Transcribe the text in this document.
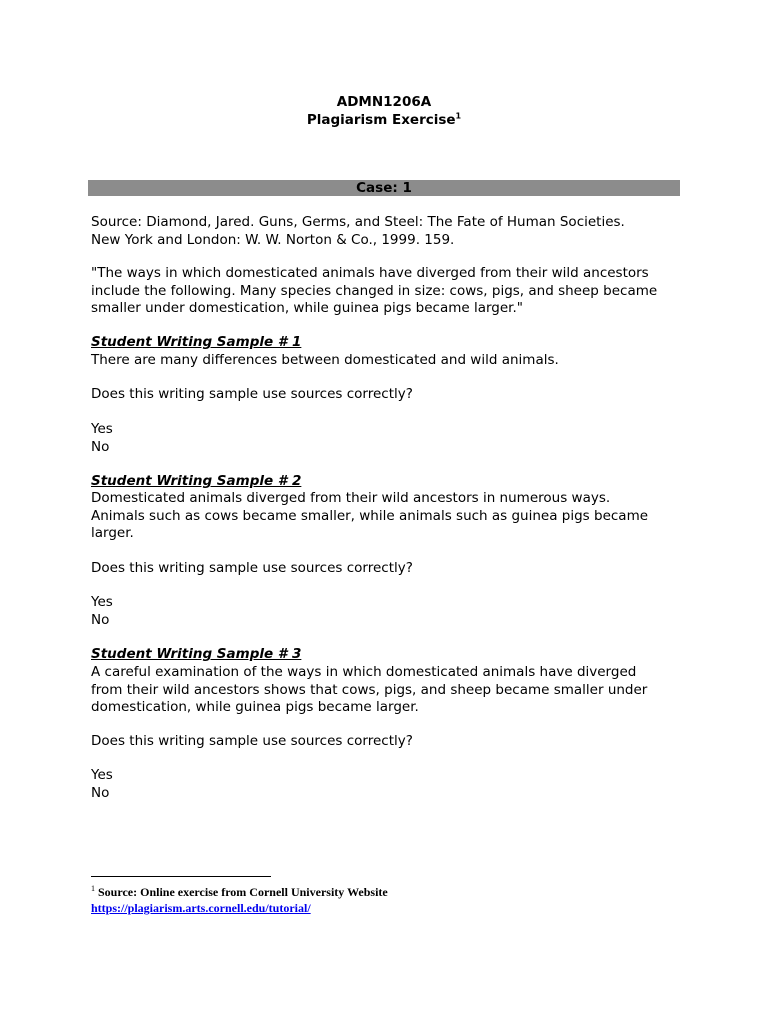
ADMN1206A
Plagiarism Exercise$^1$
Case: 1
Source: Diamond, Jared. Guns, Germs, and Steel: The Fate of Human Societies.
New York and London: W. W. Norton & Co., 1999. 159.
"The ways in which domesticated animals have diverged from their wild ancestors
include the following. Many species changed in size: cows, pigs, and sheep became
smaller under domestication, while guinea pigs became larger."
Student Writing Sample # 1
There are many differences between domesticated and wild animals.
Does this writing sample use sources correctly?
Yes
No
Student Writing Sample # 2
Domesticated animals diverged from their wild ancestors in numerous ways.
Animals such as cows became smaller, while animals such as guinea pigs became
larger.
Does this writing sample use sources correctly?
Yes
No
Student Writing Sample # 3
A careful examination of the ways in which domesticated animals have diverged
from their wild ancestors shows that cows, pigs, and sheep became smaller under
domestication, while guinea pigs became larger.
Does this writing sample use sources correctly?
Yes
No
$^1$ Source: Online exercise from Cornell University Website
https://plagiarism.arts.cornell.edu/tutorial/
